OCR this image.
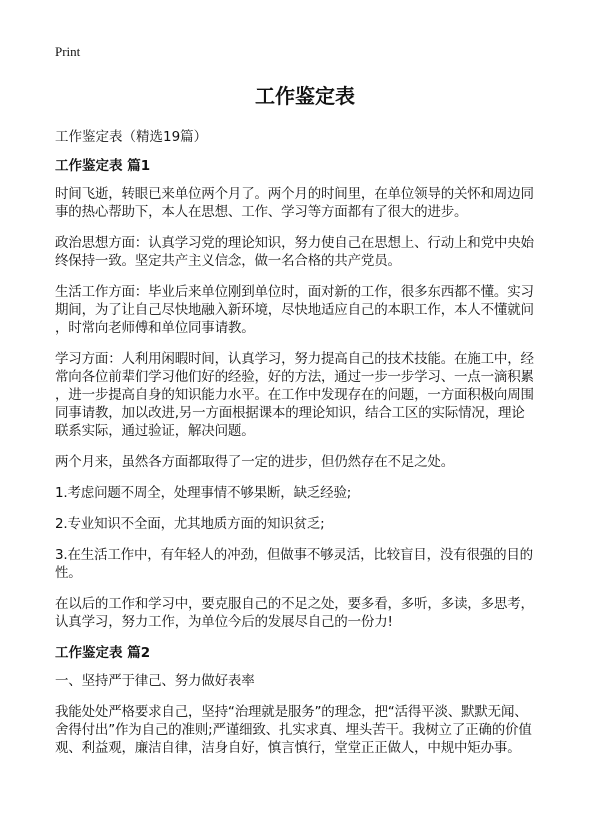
Print
工作鉴定表
工作鉴定表（精选19篇）
工作鉴定表 篇1
时间飞逝，转眼已来单位两个月了。两个月的时间里，在单位领导的关怀和周边同
事的热心帮助下，本人在思想、工作、学习等方面都有了很大的进步。
政治思想方面：认真学习党的理论知识，努力使自己在思想上、行动上和党中央始
终保持一致。坚定共产主义信念，做一名合格的共产党员。
生活工作方面：毕业后来单位刚到单位时，面对新的工作，很多东西都不懂。实习
期间，为了让自己尽快地融入新环境，尽快地适应自己的本职工作，本人不懂就问
，时常向老师傅和单位同事请教。
学习方面：人利用闲暇时间，认真学习，努力提高自己的技术技能。在施工中，经
常向各位前辈们学习他们好的经验，好的方法，通过一步一步学习、一点一滴积累
，进一步提高自身的知识能力水平。在工作中发现存在的问题，一方面积极向周围
同事请教，加以改进,另一方面根据课本的理论知识，结合工区的实际情况，理论
联系实际，通过验证，解决问题。
两个月来，虽然各方面都取得了一定的进步，但仍然存在不足之处。
1.考虑问题不周全，处理事情不够果断，缺乏经验;
2.专业知识不全面，尤其地质方面的知识贫乏;
3.在生活工作中，有年轻人的冲劲，但做事不够灵活，比较盲目，没有很强的目的
性。
在以后的工作和学习中，要克服自己的不足之处，要多看，多听，多读，多思考，
认真学习，努力工作，为单位今后的发展尽自己的一份力!
工作鉴定表 篇2
一、坚持严于律己、努力做好表率
我能处处严格要求自己，坚持“治理就是服务”的理念，把“活得平淡、默默无闻、
舍得付出”作为自己的准则;严谨细致、扎实求真、埋头苦干。我树立了正确的价值
观、利益观，廉洁自律，洁身自好，慎言慎行，堂堂正正做人，中规中矩办事。
